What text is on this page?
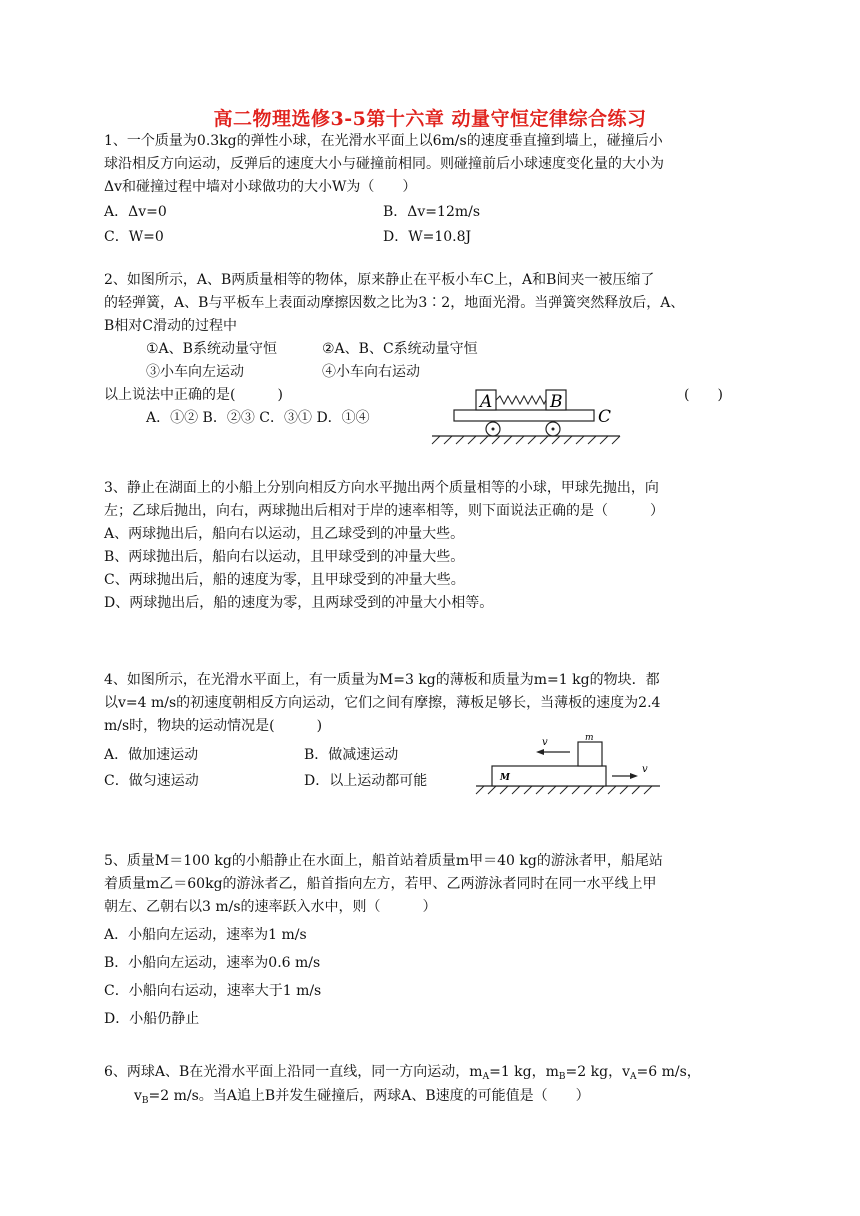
高二物理选修3-5第十六章 动量守恒定律综合练习
1、一个质量为0.3kg的弹性小球，在光滑水平面上以6m/s的速度垂直撞到墙上，碰撞后小
球沿相反方向运动，反弹后的速度大小与碰撞前相同。则碰撞前后小球速度变化量的大小为
Δv和碰撞过程中墙对小球做功的大小W为（　　）
A．Δv=0	B．Δv=12m/s
C．W=0	D．W=10.8J
2、如图所示，A、B两质量相等的物体，原来静止在平板小车C上，A和B间夹一被压缩了
的轻弹簧，A、B与平板车上表面动摩擦因数之比为3∶2，地面光滑。当弹簧突然释放后，A、
B相对C滑动的过程中
①A、B系统动量守恒	②A、B、C系统动量守恒
③小车向左运动	④小车向右运动
以上说法中正确的是(　　　)	(　　)
A．①② B．②③ C．③① D．①④
A	B
C
3、静止在湖面上的小船上分别向相反方向水平抛出两个质量相等的小球，甲球先抛出，向
左；乙球后抛出，向右，两球抛出后相对于岸的速率相等，则下面说法正确的是（　　　）
A、两球抛出后，船向右以运动，且乙球受到的冲量大些。
B、两球抛出后，船向右以运动，且甲球受到的冲量大些。
C、两球抛出后，船的速度为零，且甲球受到的冲量大些。
D、两球抛出后，船的速度为零，且两球受到的冲量大小相等。
4、如图所示，在光滑水平面上，有一质量为M=3 kg的薄板和质量为m=1 kg的物块．都
以v=4 m/s的初速度朝相反方向运动，它们之间有摩擦，薄板足够长，当薄板的速度为2.4
m/s时，物块的运动情况是(　　　)
A．做加速运动	B．做减速运动
C．做匀速运动	D．以上运动都可能	M
m
v
v
5、质量M＝100 kg的小船静止在水面上，船首站着质量m甲＝40 kg的游泳者甲，船尾站
着质量m乙＝60kg的游泳者乙，船首指向左方，若甲、乙两游泳者同时在同一水平线上甲
朝左、乙朝右以3 m/s的速率跃入水中，则（　　　）
A．小船向左运动，速率为1 m/s
B．小船向左运动，速率为0.6 m/s
C．小船向右运动，速率大于1 m/s
D．小船仍静止
6、两球A、B在光滑水平面上沿同一直线，同一方向运动，$m_A=1$ kg，$m_B=2$ kg，$v_A=6$ m/s，
$v_B=2$ m/s。当A追上B并发生碰撞后，两球A、B速度的可能值是（　　）
